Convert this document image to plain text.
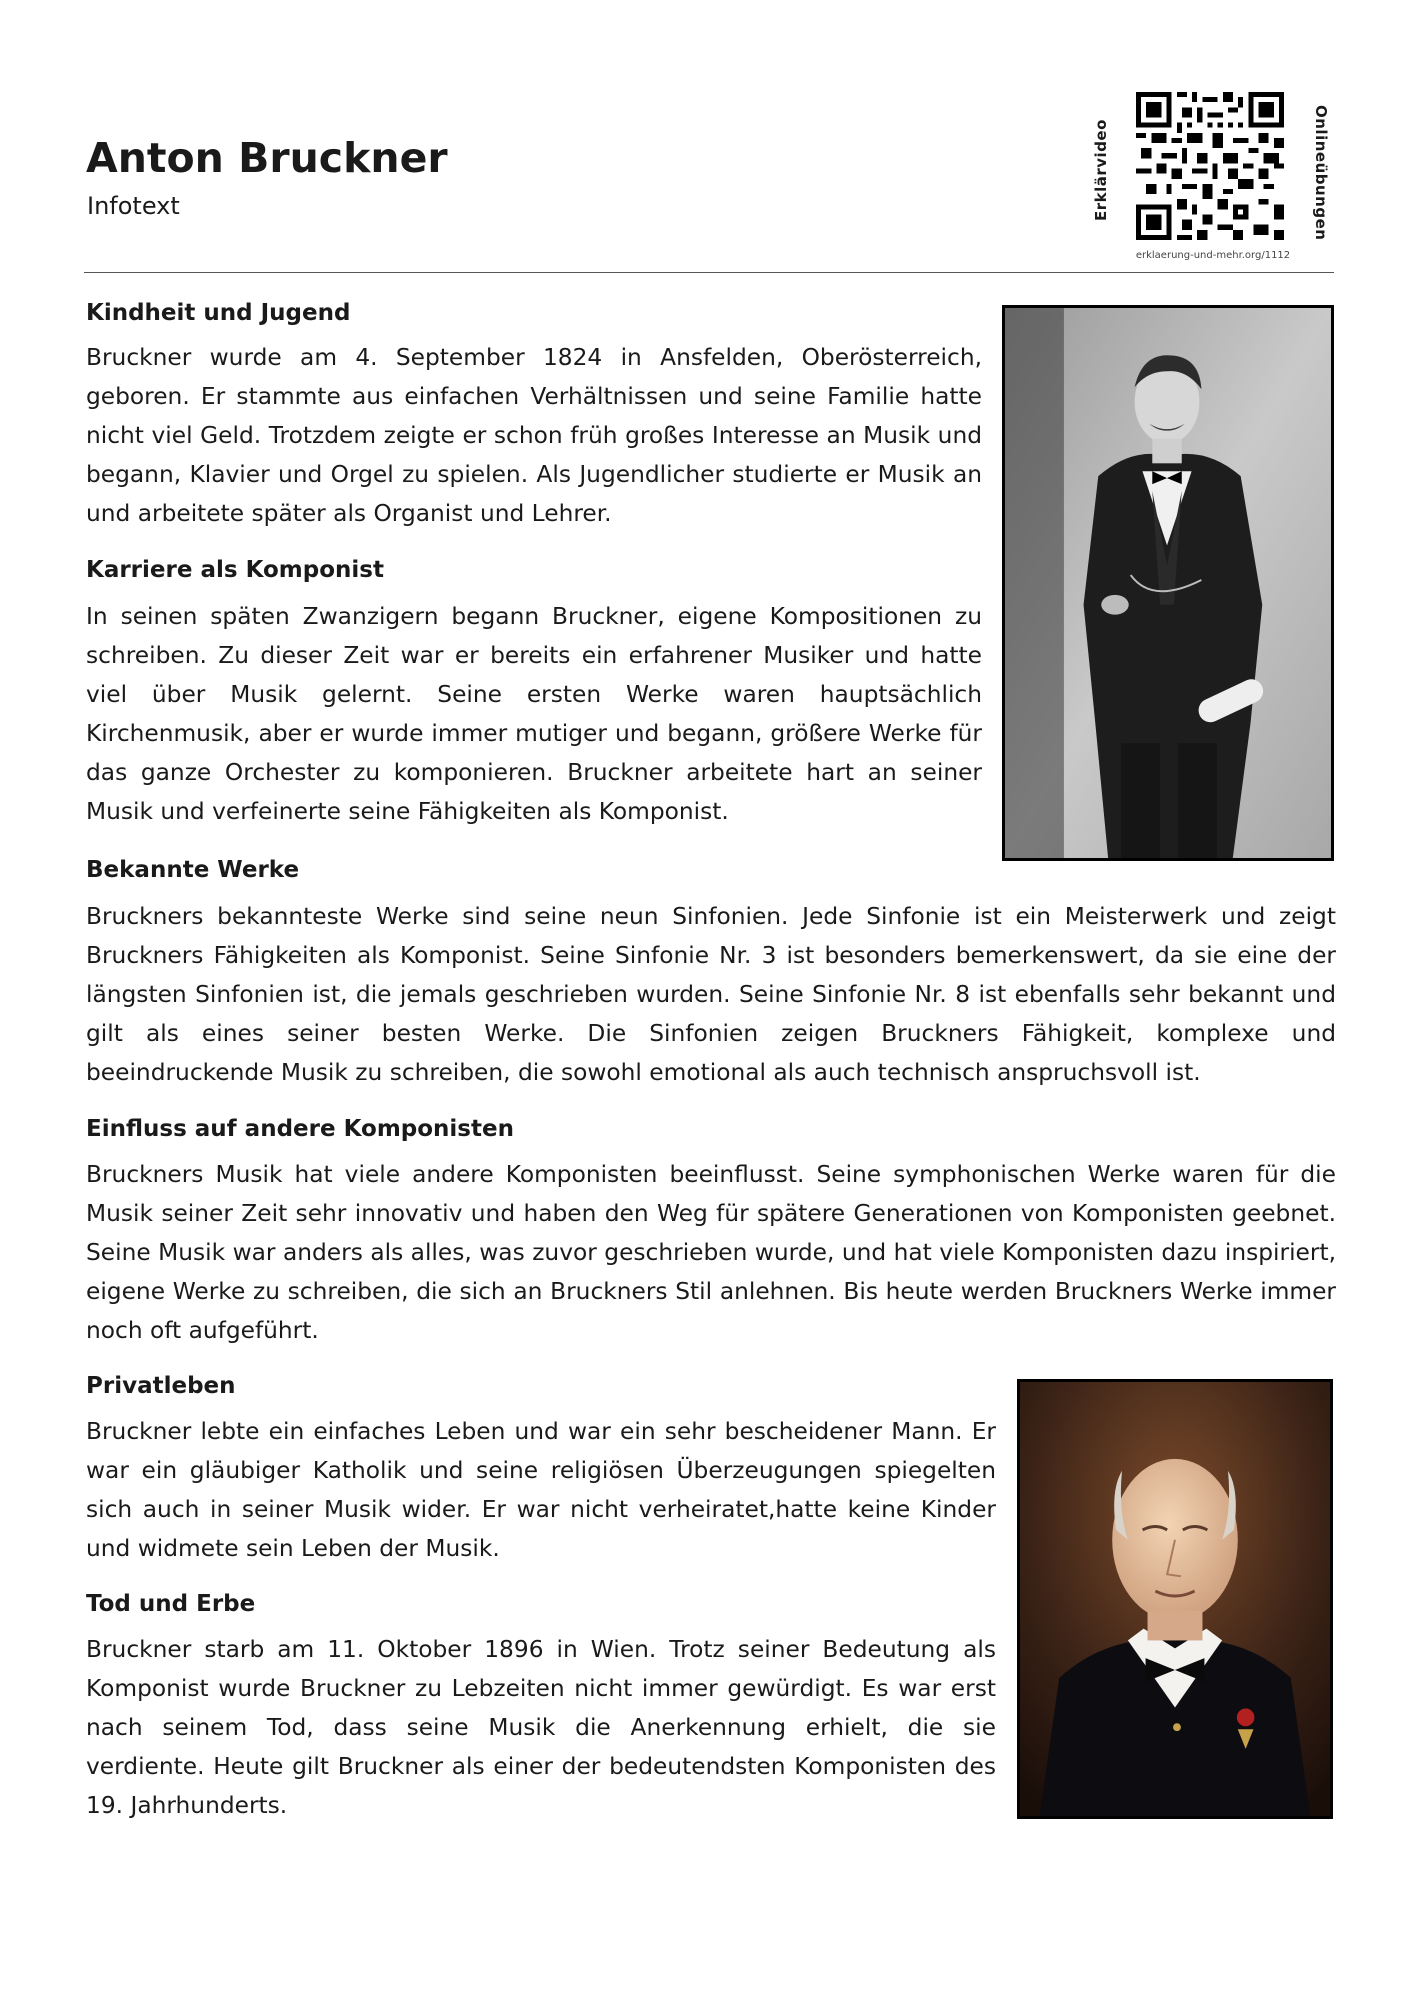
Anton Bruckner
Infotext	Erklärvideo	Onlineübungen
erklaerung-und-mehr.org/1112
Kindheit und Jugend

Bruckner wurde am 4. September 1824 in Ansfelden, Oberösterreich, geboren. Er stammte aus einfachen Verhältnissen und seine Familie hatte nicht viel Geld. Trotzdem zeigte er schon früh großes Interesse an Musik und begann, Klavier und Orgel zu spielen. Als Jugendlicher studierte er Musik an und arbeitete später als Organist und Lehrer.

Karriere als Komponist

In seinen späten Zwanzigern begann Bruckner, eigene Kompositionen zu schreiben. Zu dieser Zeit war er bereits ein erfahrener Musiker und hatte viel über Musik gelernt. Seine ersten Werke waren hauptsächlich Kirchenmusik, aber er wurde immer mutiger und begann, größere Werke für das ganze Orchester zu komponieren. Bruckner arbeitete hart an seiner Musik und verfeinerte seine Fähigkeiten als Komponist.

Bekannte Werke

Bruckners bekannteste Werke sind seine neun Sinfonien. Jede Sinfonie ist ein Meisterwerk und zeigt Bruckners Fähigkeiten als Komponist. Seine Sinfonie Nr. 3 ist besonders bemerkenswert, da sie eine der längsten Sinfonien ist, die jemals geschrieben wurden. Seine Sinfonie Nr. 8 ist ebenfalls sehr bekannt und gilt als eines seiner besten Werke. Die Sinfonien zeigen Bruckners Fähigkeit, komplexe und beeindruckende Musik zu schreiben, die sowohl emotional als auch technisch anspruchsvoll ist.

Einfluss auf andere Komponisten

Bruckners Musik hat viele andere Komponisten beeinflusst. Seine symphonischen Werke waren für die Musik seiner Zeit sehr innovativ und haben den Weg für spätere Generationen von Komponisten geebnet. Seine Musik war anders als alles, was zuvor geschrieben wurde, und hat viele Komponisten dazu inspiriert, eigene Werke zu schreiben, die sich an Bruckners Stil anlehnen. Bis heute werden Bruckners Werke immer noch oft aufgeführt.

Privatleben

Bruckner lebte ein einfaches Leben und war ein sehr bescheidener Mann. Er war ein gläubiger Katholik und seine religiösen Überzeugungen spiegelten sich auch in seiner Musik wider. Er war nicht verheiratet,hatte keine Kinder und widmete sein Leben der Musik.

Tod und Erbe

Bruckner starb am 11. Oktober 1896 in Wien. Trotz seiner Bedeutung als Komponist wurde Bruckner zu Lebzeiten nicht immer gewürdigt. Es war erst nach seinem Tod, dass seine Musik die Anerkennung erhielt, die sie verdiente. Heute gilt Bruckner als einer der bedeutendsten Komponisten des 19. Jahrhunderts.
